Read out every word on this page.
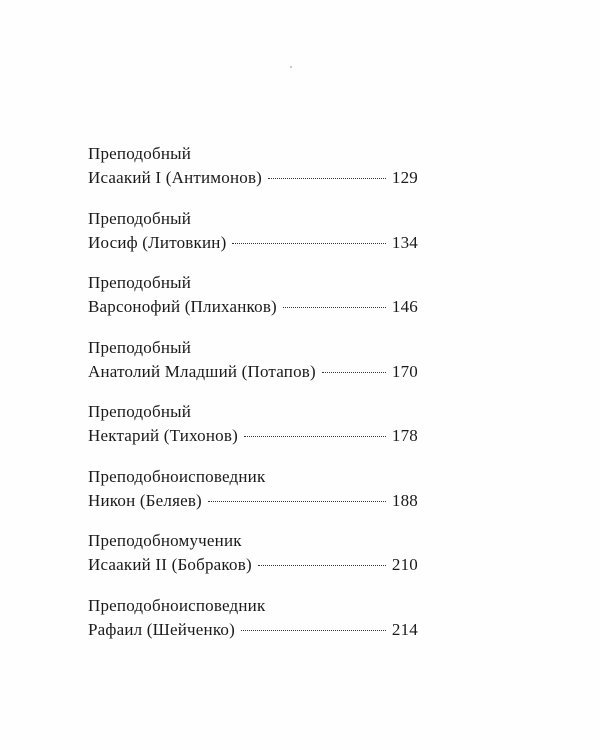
Преподобный
Исаакий I (Антимонов)	129
Преподобный
Иосиф (Литовкин)	134
Преподобный
Варсонофий (Плиханков)	146
Преподобный
Анатолий Младший (Потапов)	170
Преподобный
Нектарий (Тихонов)	178
Преподобноисповедник
Никон (Беляев)	188
Преподобномученик
Исаакий II (Бобраков)	210
Преподобноисповедник
Рафаил (Шейченко)	214
